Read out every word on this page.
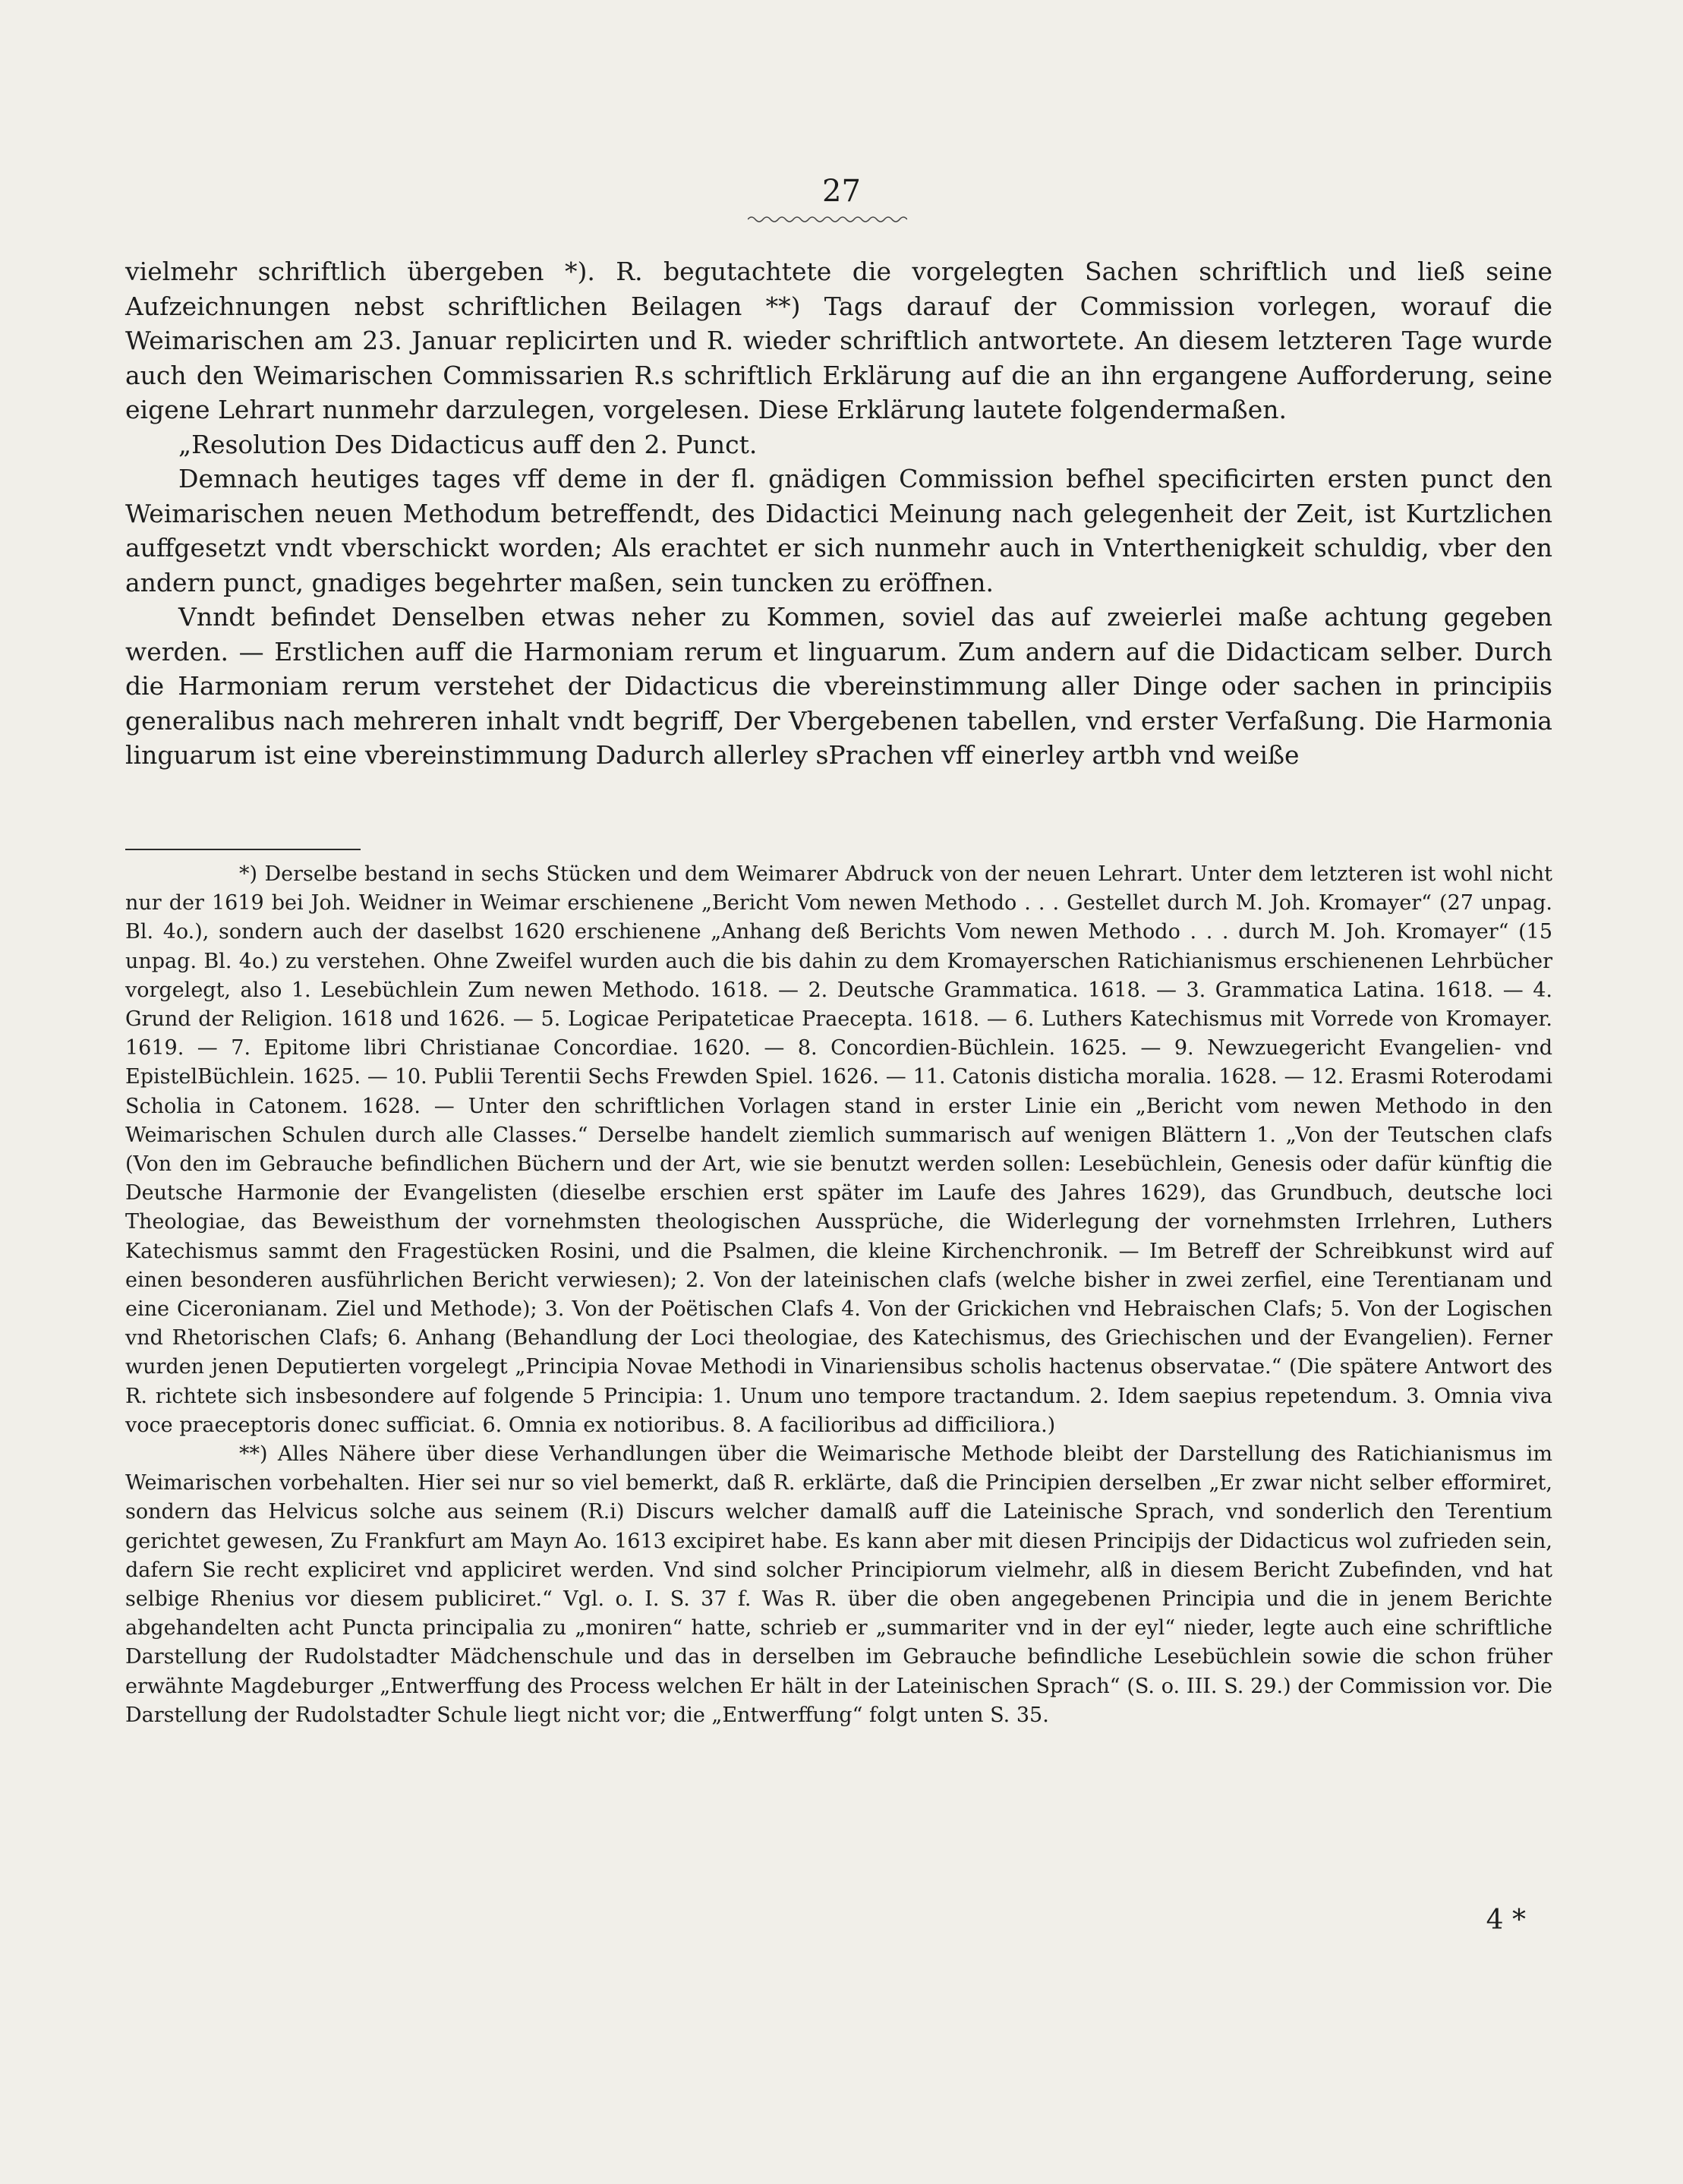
27

vielmehr schriftlich übergeben *). R. begutachtete die vorgelegten Sachen schriftlich und ließ seine Aufzeichnungen nebst schriftlichen Beilagen **) Tags darauf der Commission vorlegen, worauf die Weimarischen am 23. Januar replicirten und R. wieder schriftlich antwortete. An diesem letzteren Tage wurde auch den Weimarischen Commissarien R.s schriftlich Erklärung auf die an ihn ergangene Aufforderung, seine eigene Lehrart nunmehr darzulegen, vorgelesen. Diese Erklärung lautete folgendermaßen.

„Resolution Des Didacticus auff den 2. Punct.

Demnach heutiges tages vff deme in der fl. gnädigen Commission befhel specificirten ersten punct den Weimarischen neuen Methodum betreffendt, des Didactici Meinung nach gelegenheit der Zeit, ist Kurtzlichen auffgesetzt vndt vberschickt worden; Als erachtet er sich nunmehr auch in Vnterthenigkeit schuldig, vber den andern punct, gnadiges begehrter maßen, sein tuncken zu eröffnen.

Vnndt befindet Denselben etwas neher zu Kommen, soviel das auf zweierlei maße achtung gegeben werden. — Erstlichen auff die Harmoniam rerum et linguarum. Zum andern auf die Didacticam selber. Durch die Harmoniam rerum verstehet der Didacticus die vbereinstimmung aller Dinge oder sachen in principiis generalibus nach mehreren inhalt vndt begriff, Der Vbergebenen tabellen, vnd erster Verfaßung. Die Harmonia linguarum ist eine vbereinstimmung Dadurch allerley sPrachen vff einerley artbh vnd weiße

*) Derselbe bestand in sechs Stücken und dem Weimarer Abdruck von der neuen Lehrart. Unter dem letzteren ist wohl nicht nur der 1619 bei Joh. Weidner in Weimar erschienene „Bericht Vom newen Methodo . . . Gestellet durch M. Joh. Kromayer“ (27 unpag. Bl. 4o.), sondern auch der daselbst 1620 erschienene „Anhang deß Berichts Vom newen Methodo . . . durch M. Joh. Kromayer“ (15 unpag. Bl. 4o.) zu verstehen. Ohne Zweifel wurden auch die bis dahin zu dem Kromayerschen Ratichianismus erschienenen Lehrbücher vorgelegt, also 1. Lesebüchlein Zum newen Methodo. 1618. — 2. Deutsche Grammatica. 1618. — 3. Grammatica Latina. 1618. — 4. Grund der Religion. 1618 und 1626. — 5. Logicae Peripateticae Praecepta. 1618. — 6. Luthers Katechismus mit Vorrede von Kromayer. 1619. — 7. Epitome libri Christianae Concordiae. 1620. — 8. Concordien-Büchlein. 1625. — 9. Newzuegericht Evangelien- vnd EpistelBüchlein. 1625. — 10. Publii Terentii Sechs Frewden Spiel. 1626. — 11. Catonis disticha moralia. 1628. — 12. Erasmi Roterodami Scholia in Catonem. 1628. — Unter den schriftlichen Vorlagen stand in erster Linie ein „Bericht vom newen Methodo in den Weimarischen Schulen durch alle Classes.“ Derselbe handelt ziemlich summarisch auf wenigen Blättern 1. „Von der Teutschen clafs (Von den im Gebrauche befindlichen Büchern und der Art, wie sie benutzt werden sollen: Lesebüchlein, Genesis oder dafür künftig die Deutsche Harmonie der Evangelisten (dieselbe erschien erst später im Laufe des Jahres 1629), das Grundbuch, deutsche loci Theologiae, das Beweisthum der vornehmsten theologischen Aussprüche, die Widerlegung der vornehmsten Irrlehren, Luthers Katechismus sammt den Fragestücken Rosini, und die Psalmen, die kleine Kirchenchronik. — Im Betreff der Schreibkunst wird auf einen besonderen ausführlichen Bericht verwiesen); 2. Von der lateinischen clafs (welche bisher in zwei zerfiel, eine Terentianam und eine Ciceronianam. Ziel und Methode); 3. Von der Poëtischen Clafs 4. Von der Grickichen vnd Hebraischen Clafs; 5. Von der Logischen vnd Rhetorischen Clafs; 6. Anhang (Behandlung der Loci theologiae, des Katechismus, des Griechischen und der Evangelien). Ferner wurden jenen Deputierten vorgelegt „Principia Novae Methodi in Vinariensibus scholis hactenus observatae.“ (Die spätere Antwort des R. richtete sich insbesondere auf folgende 5 Principia: 1. Unum uno tempore tractandum. 2. Idem saepius repetendum. 3. Omnia viva voce praeceptoris donec sufficiat. 6. Omnia ex notioribus. 8. A facilioribus ad difficiliora.)

**) Alles Nähere über diese Verhandlungen über die Weimarische Methode bleibt der Darstellung des Ratichianismus im Weimarischen vorbehalten. Hier sei nur so viel bemerkt, daß R. erklärte, daß die Principien derselben „Er zwar nicht selber efformiret, sondern das Helvicus solche aus seinem (R.i) Discurs welcher damalß auff die Lateinische Sprach, vnd sonderlich den Terentium gerichtet gewesen, Zu Frankfurt am Mayn Ao. 1613 excipiret habe. Es kann aber mit diesen Principijs der Didacticus wol zufrieden sein, dafern Sie recht expliciret vnd appliciret werden. Vnd sind solcher Principiorum vielmehr, alß in diesem Bericht Zubefinden, vnd hat selbige Rhenius vor diesem publiciret.“ Vgl. o. I. S. 37 f. Was R. über die oben angegebenen Principia und die in jenem Berichte abgehandelten acht Puncta principalia zu „moniren“ hatte, schrieb er „summariter vnd in der eyl“ nieder, legte auch eine schriftliche Darstellung der Rudolstadter Mädchenschule und das in derselben im Gebrauche befindliche Lesebüchlein sowie die schon früher erwähnte Magdeburger „Entwerffung des Process welchen Er hält in der Lateinischen Sprach“ (S. o. III. S. 29.) der Commission vor. Die Darstellung der Rudolstadter Schule liegt nicht vor; die „Entwerffung“ folgt unten S. 35.

4 *
